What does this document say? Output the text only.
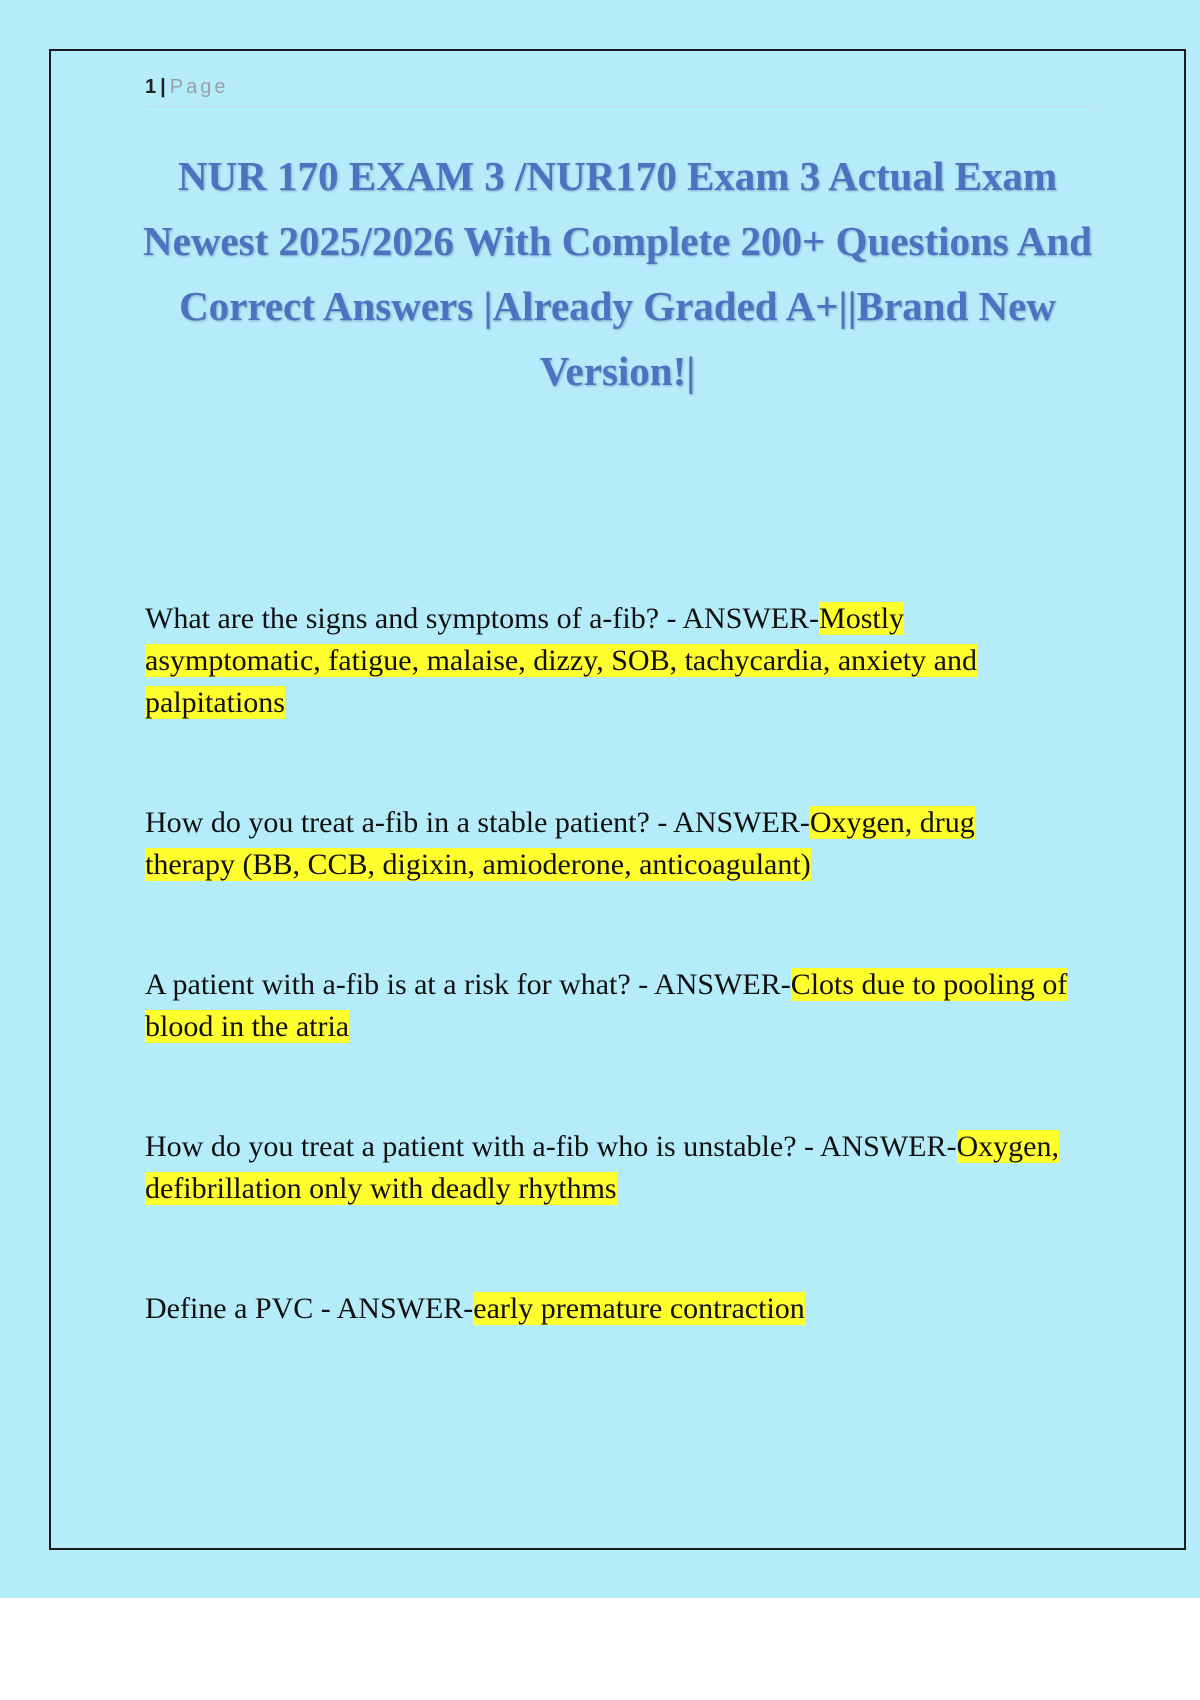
1 | Page
NUR 170 EXAM 3 /NUR170 Exam 3 Actual Exam Newest 2025/2026 With Complete 200+ Questions And Correct Answers |Already Graded A+||Brand New Version!|

What are the signs and symptoms of a-fib? - ANSWER-Mostly asymptomatic, fatigue, malaise, dizzy, SOB, tachycardia, anxiety and palpitations

How do you treat a-fib in a stable patient? - ANSWER-Oxygen, drug therapy (BB, CCB, digixin, amioderone, anticoagulant)

A patient with a-fib is at a risk for what? - ANSWER-Clots due to pooling of blood in the atria

How do you treat a patient with a-fib who is unstable? - ANSWER-Oxygen, defibrillation only with deadly rhythms

Define a PVC - ANSWER-early premature contraction
